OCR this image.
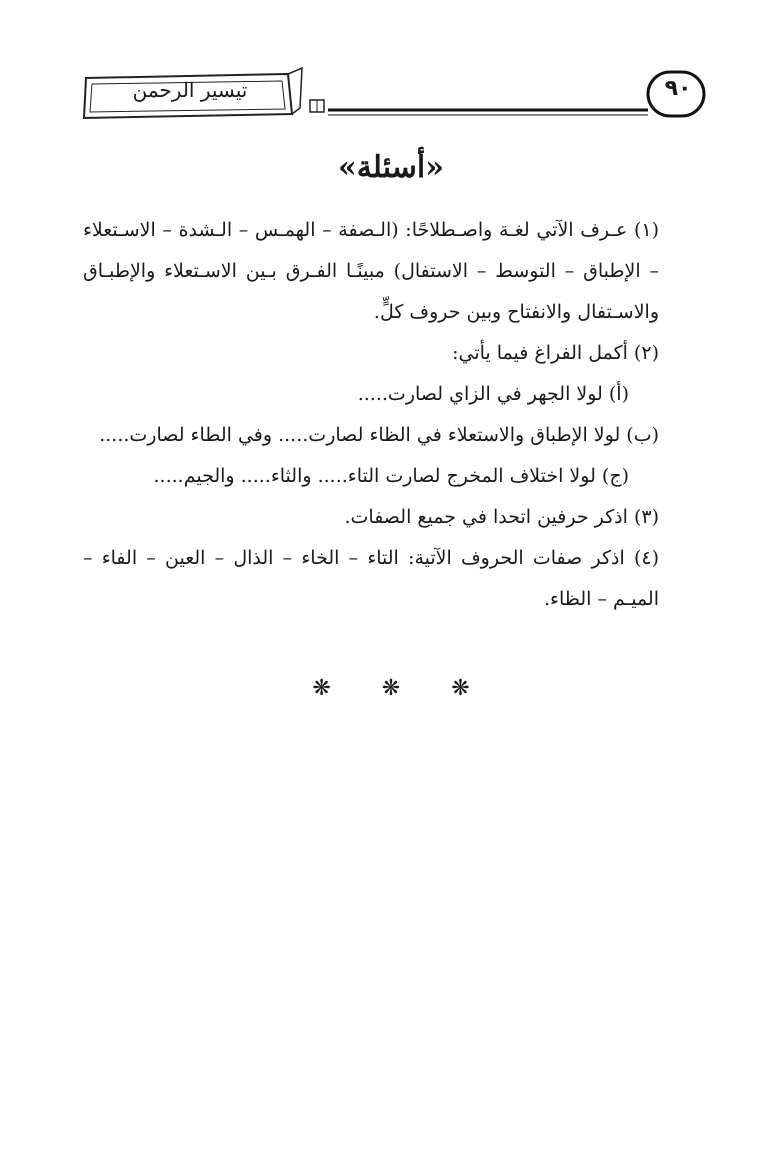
تيسير الرحمن	٩٠
«أسئلة»

(١) عـرف الآتي لغـة واصـطلاحًا: (الـصفة – الهمـس – الـشدة – الاسـتعلاء – الإطباق – التوسط – الاستفال) مبينًـا الفـرق بـين الاسـتعلاء والإطبـاق والاسـتفال والانفتاح وبين حروف كلٍّ.

(٢) أكمل الفراغ فيما يأتي:

(أ) لولا الجهر في الزاي لصارت.....

(ب) لولا الإطباق والاستعلاء في الظاء لصارت..... وفي الطاء لصارت.....

(ج) لولا اختلاف المخرج لصارت التاء..... والثاء..... والجيم.....

(٣) اذكر حرفين اتحدا في جميع الصفات.

(٤) اذكر صفات الحروف الآتية: التاء – الخاء – الذال – العين – الفاء – الميـم – الظاء.

❋ ❋ ❋
